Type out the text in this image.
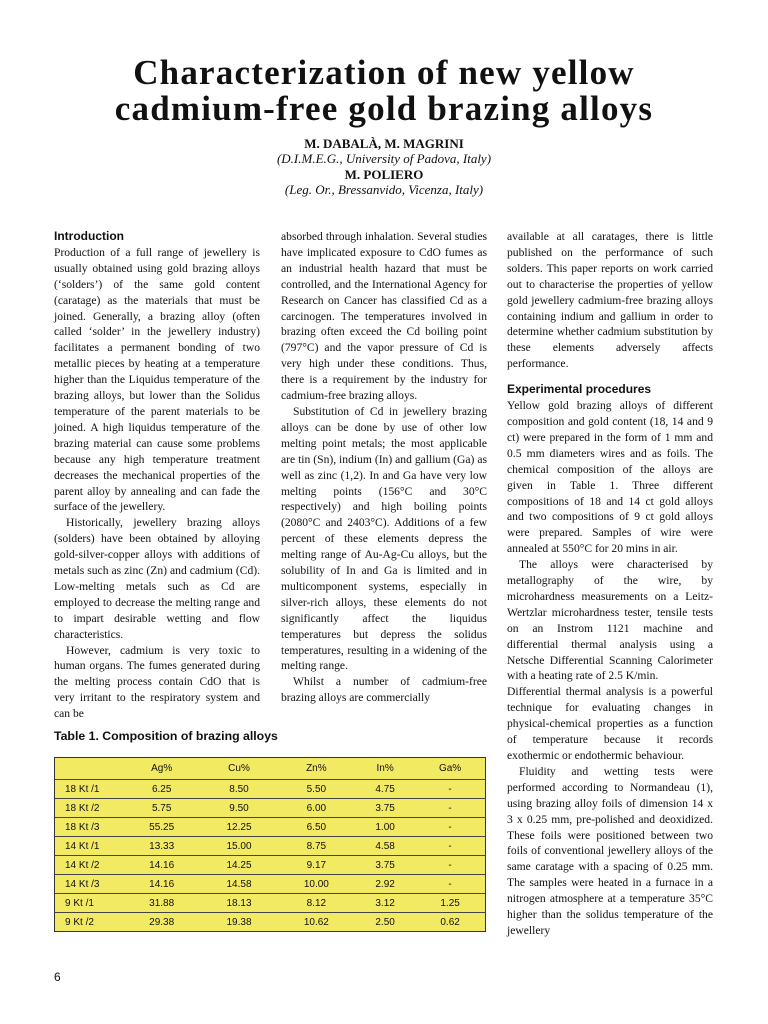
Characterization of new yellow
cadmium-free gold brazing alloys
M. DABALÀ, M. MAGRINI
(D.I.M.E.G., University of Padova, Italy)
M. POLIERO
(Leg. Or., Bressanvido, Vicenza, Italy)
Introduction

Production of a full range of jewellery is usually obtained using gold brazing alloys (‘solders’) of the same gold content (caratage) as the materials that must be joined. Generally, a brazing alloy (often called ‘solder’ in the jewellery industry) facilitates a permanent bonding of two metallic pieces by heating at a temperature higher than the Liquidus temperature of the brazing alloys, but lower than the Solidus temperature of the parent materials to be joined. A high liquidus temperature of the brazing material can cause some problems because any high temperature treatment decreases the mechanical properties of the parent alloy by annealing and can fade the surface of the jewellery.

Historically, jewellery brazing alloys (solders) have been obtained by alloying gold-silver-copper alloys with additions of metals such as zinc (Zn) and cadmium (Cd). Low-melting metals such as Cd are employed to decrease the melting range and to impart desirable wetting and flow characteristics.

However, cadmium is very toxic to human organs. The fumes generated during the melting process contain CdO that is very irritant to the respiratory system and can be

absorbed through inhalation. Several studies have implicated exposure to CdO fumes as an industrial health hazard that must be controlled, and the International Agency for Research on Cancer has classified Cd as a carcinogen. The temperatures involved in brazing often exceed the Cd boiling point (797°C) and the vapor pressure of Cd is very high under these conditions. Thus, there is a requirement by the industry for cadmium-free brazing alloys.

Substitution of Cd in jewellery brazing alloys can be done by use of other low melting point metals; the most applicable are tin (Sn), indium (In) and gallium (Ga) as well as zinc (1,2). In and Ga have very low melting points (156°C and 30°C respectively) and high boiling points (2080°C and 2403°C). Additions of a few percent of these elements depress the melting range of Au-Ag-Cu alloys, but the solubility of In and Ga is limited and in multicomponent systems, especially in silver-rich alloys, these elements do not significantly affect the liquidus temperatures but depress the solidus temperatures, resulting in a widening of the melting range.

Whilst a number of cadmium-free brazing alloys are commercially

available at all caratages, there is little published on the performance of such solders. This paper reports on work carried out to characterise the properties of yellow gold jewellery cadmium-free brazing alloys containing indium and gallium in order to determine whether cadmium substitution by these elements adversely affects performance.

Experimental procedures

Yellow gold brazing alloys of different composition and gold content (18, 14 and 9 ct) were prepared in the form of 1 mm and 0.5 mm diameters wires and as foils. The chemical composition of the alloys are given in Table 1. Three different compositions of 18 and 14 ct gold alloys and two compositions of 9 ct gold alloys were prepared. Samples of wire were annealed at 550°C for 20 mins in air.

The alloys were characterised by metallography of the wire, by microhardness measurements on a Leitz-Wertzlar microhardness tester, tensile tests on an Instrom 1121 machine and differential thermal analysis using a Netsche Differential Scanning Calorimeter with a heating rate of 2.5 K/min.

Differential thermal analysis is a powerful technique for evaluating changes in physical-chemical properties as a function of temperature because it records exothermic or endothermic behaviour.

Fluidity and wetting tests were performed according to Normandeau (1), using brazing alloy foils of dimension 14 x 3 x 0.25 mm, pre-polished and deoxidized. These foils were positioned between two foils of conventional jewellery alloys of the same caratage with a spacing of 0.25 mm. The samples were heated in a furnace in a nitrogen atmosphere at a temperature 35°C higher than the solidus temperature of the jewellery

Table 1. Composition of brazing alloys
	Ag%	Cu%	Zn%	In%	Ga%
18 Kt /1	6.25	8.50	5.50	4.75	-
18 Kt /2	5.75	9.50	6.00	3.75	-
18 Kt /3	55.25	12.25	6.50	1.00	-
14 Kt /1	13.33	15.00	8.75	4.58	-
14 Kt /2	14.16	14.25	9.17	3.75	-
14 Kt /3	14.16	14.58	10.00	2.92	-
9 Kt /1	31.88	18.13	8.12	3.12	1.25
9 Kt /2	29.38	19.38	10.62	2.50	0.62
6
